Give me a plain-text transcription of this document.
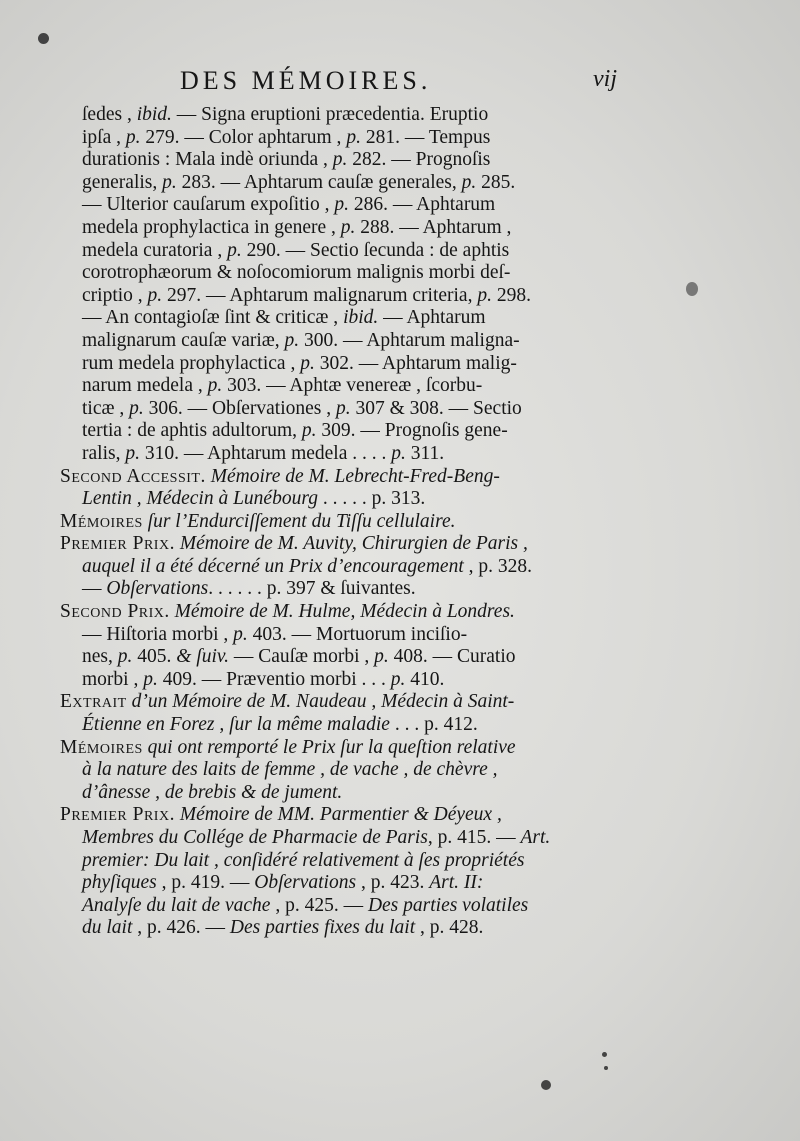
DES MÉMOIRES.	vij
ſedes , ibid. — Signa eruptioni præcedentia. Eruptio
ipſa , p. 279. — Color aphtarum , p. 281. — Tempus
durationis : Mala indè oriunda , p. 282. — Prognoſis
generalis, p. 283. — Aphtarum cauſæ generales, p. 285.
— Ulterior cauſarum expoſitio , p. 286. — Aphtarum
medela prophylactica in genere , p. 288. — Aphtarum ,
medela curatoria , p. 290. — Sectio ſecunda : de aphtis
corotrophæorum & noſocomiorum malignis morbi deſ-
criptio , p. 297. — Aphtarum malignarum criteria, p. 298.
— An contagioſæ ſint & criticæ , ibid. — Aphtarum
malignarum cauſæ variæ, p. 300. — Aphtarum maligna-
rum medela prophylactica , p. 302. — Aphtarum malig-
narum medela , p. 303. — Aphtæ venereæ , ſcorbu-
ticæ , p. 306. — Obſervationes , p. 307 & 308. — Sectio
tertia : de aphtis adultorum, p. 309. — Prognoſis gene-
ralis, p. 310. — Aphtarum medela . . . . p. 311.
Second Accessit. Mémoire de M. Lebrecht-Fred-Beng-
Lentin , Médecin à Lunébourg . . . . . p. 313.
Mémoires ſur l’Endurciſſement du Tiſſu cellulaire.
Premier Prix. Mémoire de M. Auvity, Chirurgien de Paris ,
auquel il a été décerné un Prix d’encouragement , p. 328.
— Obſervations. . . . . . p. 397 & ſuivantes.
Second Prix. Mémoire de M. Hulme, Médecin à Londres.
— Hiſtoria morbi , p. 403. — Mortuorum inciſio-
nes, p. 405. & ſuiv. — Cauſæ morbi , p. 408. — Curatio
morbi , p. 409. — Præventio morbi . . . p. 410.
Extrait d’un Mémoire de M. Naudeau , Médecin à Saint-
Étienne en Forez , ſur la même maladie . . . p. 412.
Mémoires qui ont remporté le Prix ſur la queſtion relative
à la nature des laits de femme , de vache , de chèvre ,
d’ânesse , de brebis & de jument.
Premier Prix. Mémoire de MM. Parmentier & Déyeux ,
Membres du Collége de Pharmacie de Paris, p. 415. — Art.
premier: Du lait , conſidéré relativement à ſes propriétés
phyſiques , p. 419. — Obſervations , p. 423. Art. II:
Analyſe du lait de vache , p. 425. — Des parties volatiles
du lait , p. 426. — Des parties fixes du lait , p. 428.
